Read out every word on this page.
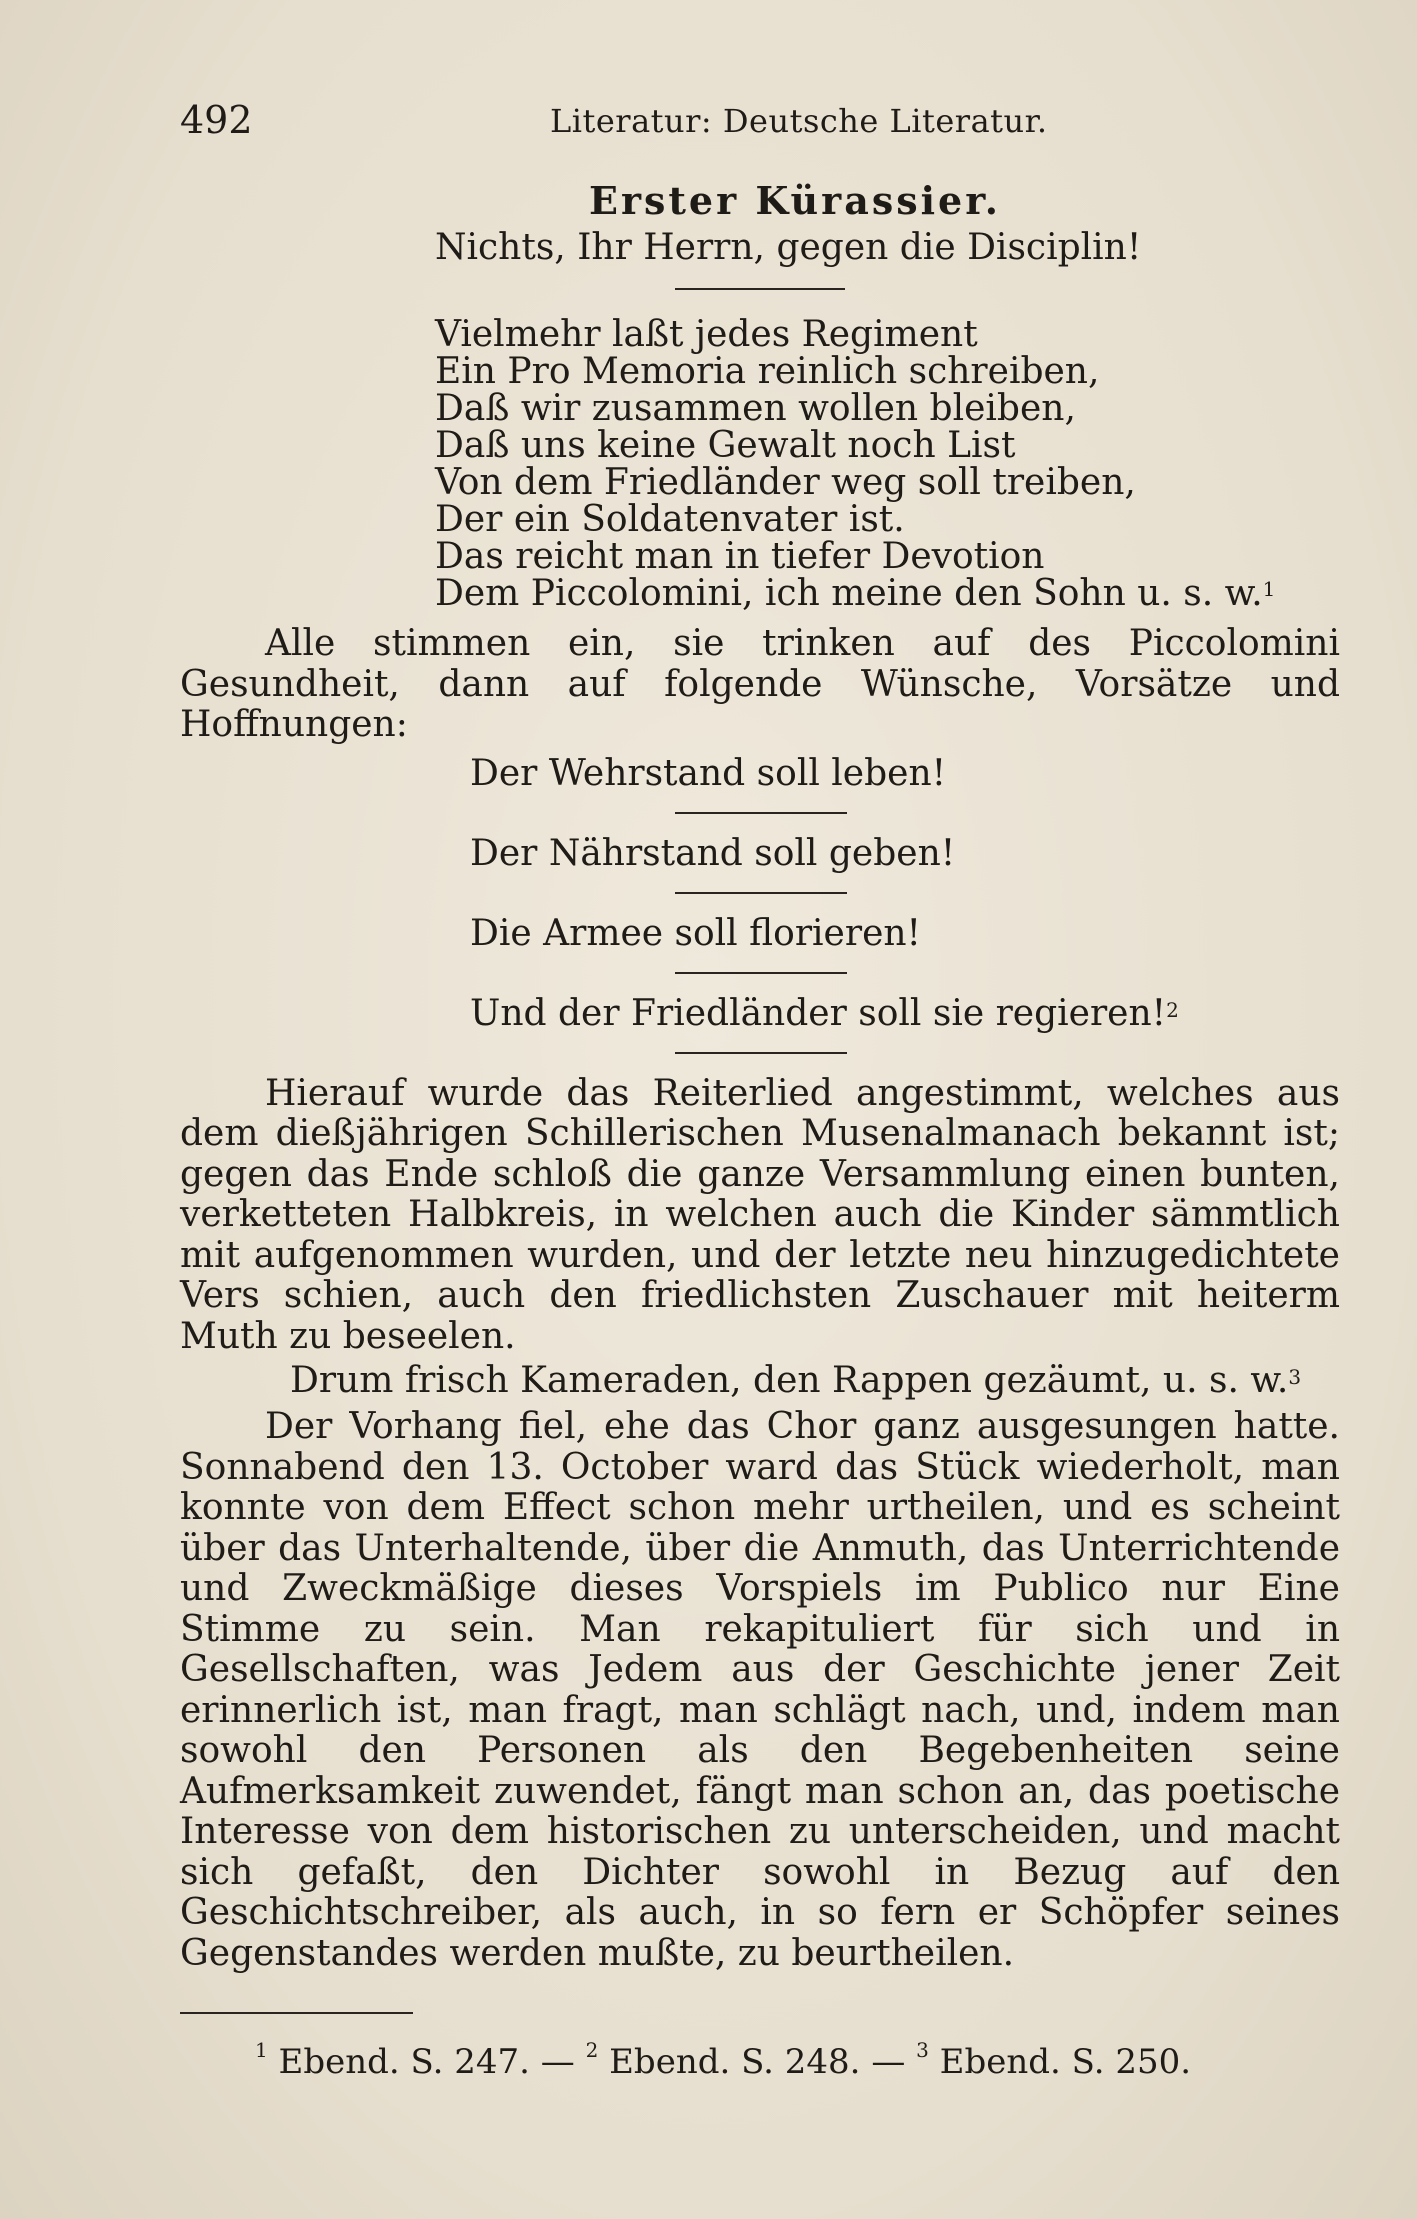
492	Literatur: Deutsche Literatur.
Erster Kürassier.
Nichts, Ihr Herrn, gegen die Disciplin!
Vielmehr laßt jedes Regiment
Ein Pro Memoria reinlich schreiben,
Daß wir zusammen wollen bleiben,
Daß uns keine Gewalt noch List
Von dem Friedländer weg soll treiben,
Der ein Soldatenvater ist.
Das reicht man in tiefer Devotion
Dem Piccolomini, ich meine den Sohn u. s. w.$^1$

Alle stimmen ein, sie trinken auf des Piccolomini Gesundheit, dann auf folgende Wünsche, Vorsätze und Hoffnungen:

Der Wehrstand soll leben!
Der Nährstand soll geben!
Die Armee soll florieren!
Und der Friedländer soll sie regieren!$^2$

Hierauf wurde das Reiterlied angestimmt, welches aus dem dießjährigen Schillerischen Musenalmanach bekannt ist; gegen das Ende schloß die ganze Versammlung einen bunten, verketteten Halbkreis, in welchen auch die Kinder sämmtlich mit aufgenommen wurden, und der letzte neu hinzugedichtete Vers schien, auch den friedlichsten Zuschauer mit heiterm Muth zu beseelen.

Drum frisch Kameraden, den Rappen gezäumt, u. s. w.$^3$

Der Vorhang fiel, ehe das Chor ganz ausgesungen hatte. Sonnabend den 13. October ward das Stück wiederholt, man konnte von dem Effect schon mehr urtheilen, und es scheint über das Unterhaltende, über die Anmuth, das Unterrichtende und Zweckmäßige dieses Vorspiels im Publico nur Eine Stimme zu sein. Man rekapituliert für sich und in Gesellschaften, was Jedem aus der Geschichte jener Zeit erinnerlich ist, man fragt, man schlägt nach, und, indem man sowohl den Personen als den Begebenheiten seine Aufmerksamkeit zuwendet, fängt man schon an, das poetische Interesse von dem historischen zu unterscheiden, und macht sich gefaßt, den Dichter sowohl in Bezug auf den Geschichtschreiber, als auch, in so fern er Schöpfer seines Gegenstandes werden mußte, zu beurtheilen.

$^1$ Ebend. S. 247. — $^2$ Ebend. S. 248. — $^3$ Ebend. S. 250.
